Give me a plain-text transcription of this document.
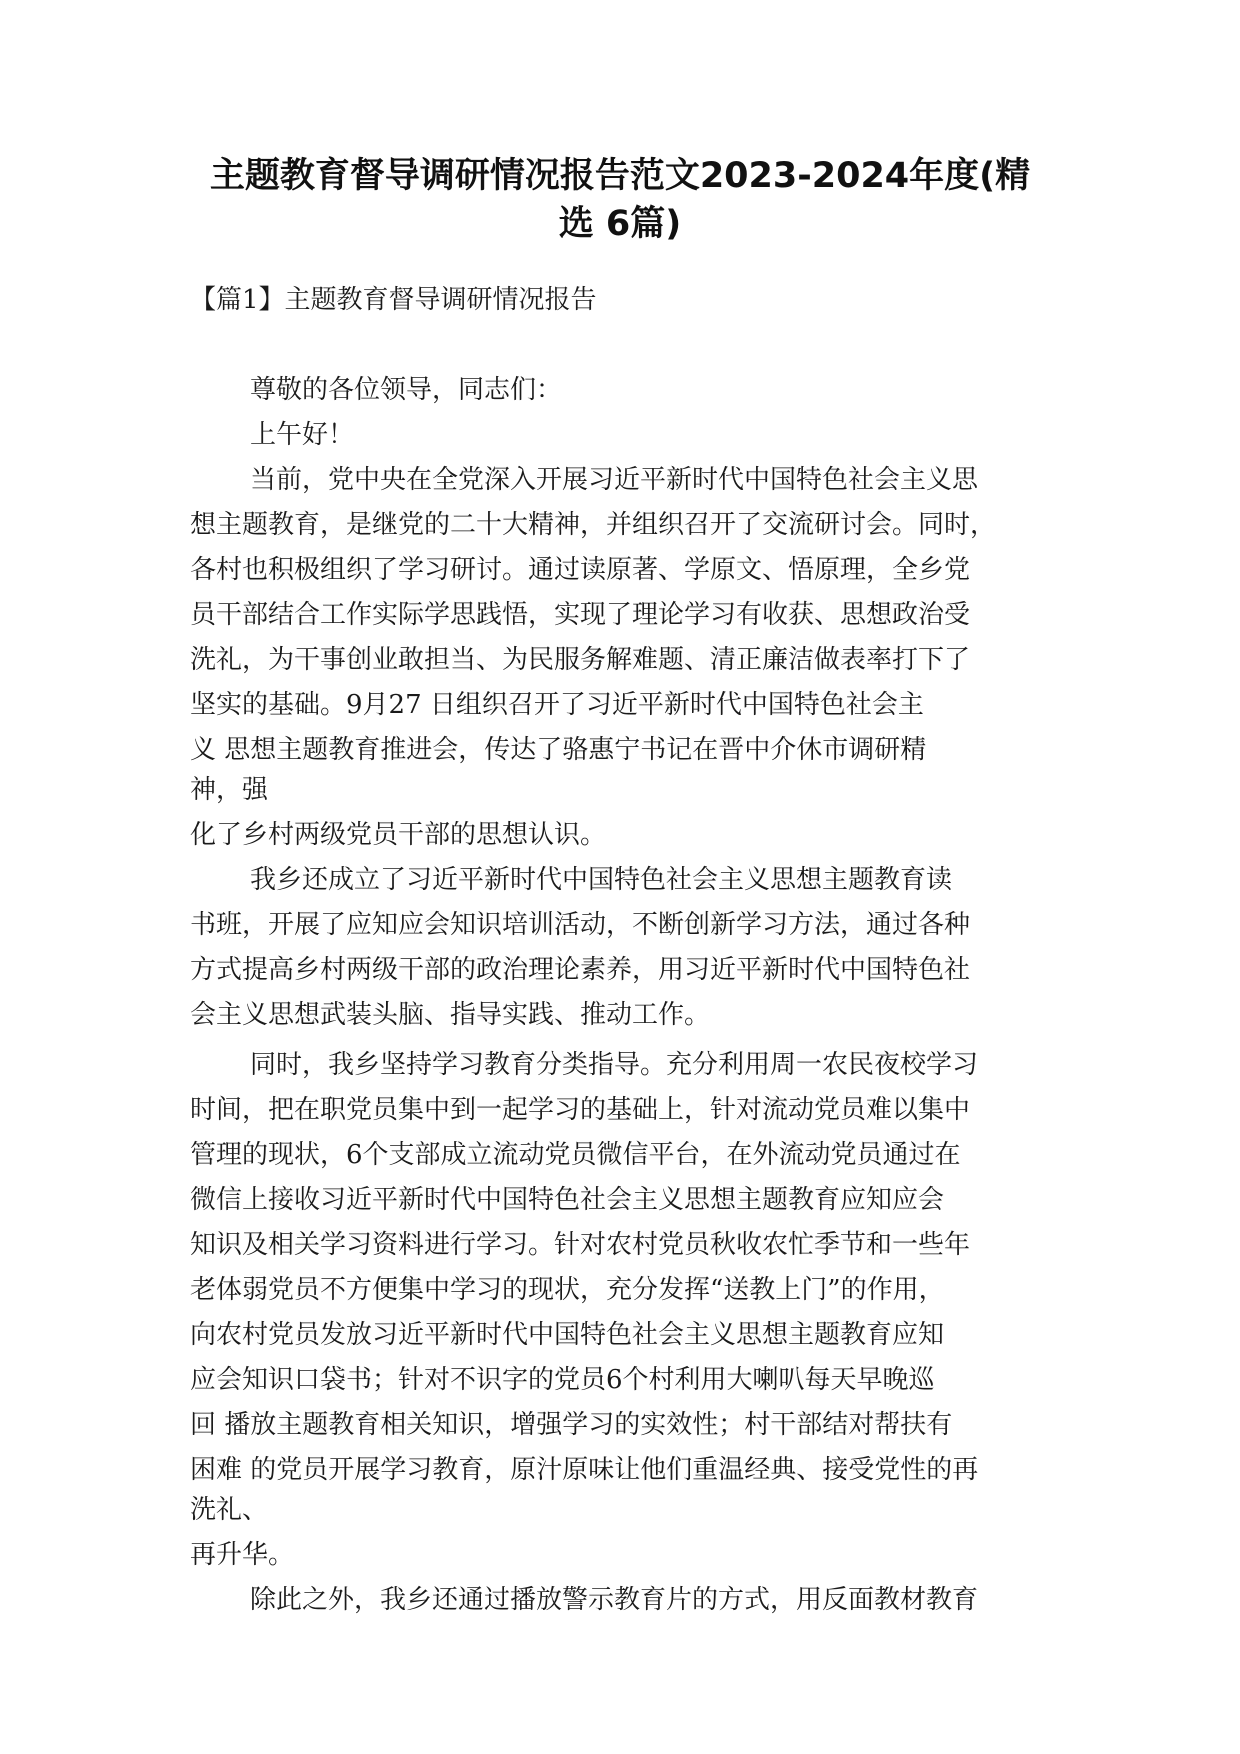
主题教育督导调研情况报告范文2023-2024年度(精
选 6篇)
【篇1】主题教育督导调研情况报告
尊敬的各位领导，同志们：
上午好！
当前，党中央在全党深入开展习近平新时代中国特色社会主义思
想主题教育，是继党的二十大精神，并组织召开了交流研讨会。同时，
各村也积极组织了学习研讨。通过读原著、学原文、悟原理，全乡党
员干部结合工作实际学思践悟，实现了理论学习有收获、思想政治受
洗礼，为干事创业敢担当、为民服务解难题、清正廉洁做表率打下了
坚实的基础。9月27 日组织召开了习近平新时代中国特色社会主
义 思想主题教育推进会，传达了骆惠宁书记在晋中介休市调研精
神，强
化了乡村两级党员干部的思想认识。
我乡还成立了习近平新时代中国特色社会主义思想主题教育读
书班，开展了应知应会知识培训活动，不断创新学习方法，通过各种
方式提高乡村两级干部的政治理论素养，用习近平新时代中国特色社
会主义思想武装头脑、指导实践、推动工作。
同时，我乡坚持学习教育分类指导。充分利用周一农民夜校学习
时间，把在职党员集中到一起学习的基础上，针对流动党员难以集中
管理的现状，6个支部成立流动党员微信平台，在外流动党员通过在
微信上接收习近平新时代中国特色社会主义思想主题教育应知应会
知识及相关学习资料进行学习。针对农村党员秋收农忙季节和一些年
老体弱党员不方便集中学习的现状，充分发挥“送教上门”的作用，
向农村党员发放习近平新时代中国特色社会主义思想主题教育应知
应会知识口袋书；针对不识字的党员6个村利用大喇叭每天早晚巡
回 播放主题教育相关知识，增强学习的实效性；村干部结对帮扶有
困难 的党员开展学习教育，原汁原味让他们重温经典、接受党性的再
洗礼、
再升华。
除此之外，我乡还通过播放警示教育片的方式，用反面教材教育
